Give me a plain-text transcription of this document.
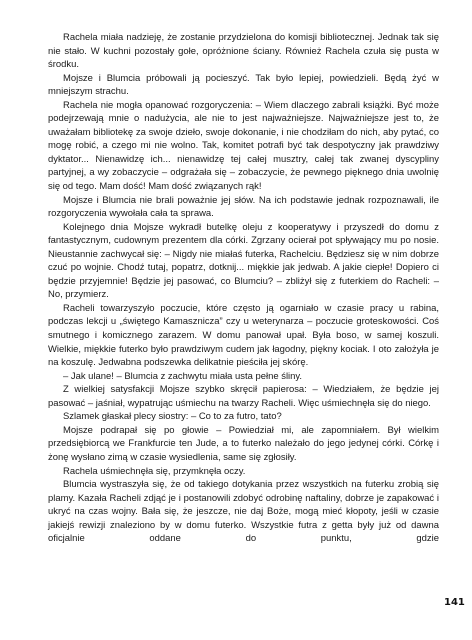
Rachela miała nadzieję, że zostanie przydzielona do komisji bibliotecznej. Jednak tak się nie stało. W kuchni pozostały gołe, opróżnione ściany. Również Rachela czuła się pusta w środku.

Mojsze i Blumcia próbowali ją pocieszyć. Tak było lepiej, powiedzieli. Będą żyć w mniejszym strachu.

Rachela nie mogła opanować rozgoryczenia: – Wiem dlaczego zabrali książki. Być może podejrzewają mnie o nadużycia, ale nie to jest najważniejsze. Najważniejsze jest to, że uważałam bibliotekę za swoje dzieło, swoje dokonanie, i nie chodziłam do nich, aby pytać, co mogę robić, a czego mi nie wolno. Tak, komitet potrafi być tak despotyczny jak prawdziwy dyktator... Nienawidzę ich... nienawidzę tej całej musztry, całej tak zwanej dyscypliny partyjnej, a wy zobaczycie – odgrażała się – zobaczycie, że pewnego pięknego dnia uwolnię się od tego. Mam dość! Mam dość związanych rąk!

Mojsze i Blumcia nie brali poważnie jej słów. Na ich podstawie jednak rozpoznawali, ile rozgoryczenia wywołała cała ta sprawa.

Kolejnego dnia Mojsze wykradł butelkę oleju z kooperatywy i przyszedł do domu z fantastycznym, cudownym prezentem dla córki. Zgrzany ocierał pot spływający mu po nosie. Nieustannie zachwycał się: – Nigdy nie miałaś futerka, Rachelciu. Będziesz się w nim dobrze czuć po wojnie. Chodź tutaj, popatrz, dotknij... miękkie jak jedwab. A jakie ciepłe! Dopiero ci będzie przyjemnie! Będzie jej pasować, co Blumciu? – zbliżył się z futerkiem do Racheli: – No, przymierz.

Racheli towarzyszyło poczucie, które często ją ogarniało w czasie pracy u rabina, podczas lekcji u „świętego Kamasznicza” czy u weterynarza – poczucie groteskowości. Coś smutnego i komicznego zarazem. W domu panował upał. Była boso, w samej koszuli. Wielkie, miękkie futerko było prawdziwym cudem jak łagodny, piękny kociak. I oto założyła je na koszulę. Jedwabna podszewka delikatnie pieściła jej skórę.

– Jak ulane! – Blumcia z zachwytu miała usta pełne śliny.

Z wielkiej satysfakcji Mojsze szybko skręcił papierosa: – Wiedziałem, że będzie jej pasować – jaśniał, wypatrując uśmiechu na twarzy Racheli. Więc uśmiechnęła się do niego.

Szlamek głaskał plecy siostry: – Co to za futro, tato?

Mojsze podrapał się po głowie – Powiedział mi, ale zapomniałem. Był wielkim przedsiębiorcą we Frankfurcie ten Jude, a to futerko należało do jego jedynej córki. Córkę i żonę wysłano zimą w czasie wysiedlenia, same się zgłosiły.

Rachela uśmiechnęła się, przymknęła oczy.

Blumcia wystraszyła się, że od takiego dotykania przez wszystkich na futerku zrobią się plamy. Kazała Racheli zdjąć je i postanowili zdobyć odrobinę naftaliny, dobrze je zapakować i ukryć na czas wojny. Bała się, że jeszcze, nie daj Boże, mogą mieć kłopoty, jeśli w czasie jakiejś rewizji znaleziono by w domu futerko. Wszystkie futra z getta były już od dawna oficjalnie oddane do punktu, gdzie

141
